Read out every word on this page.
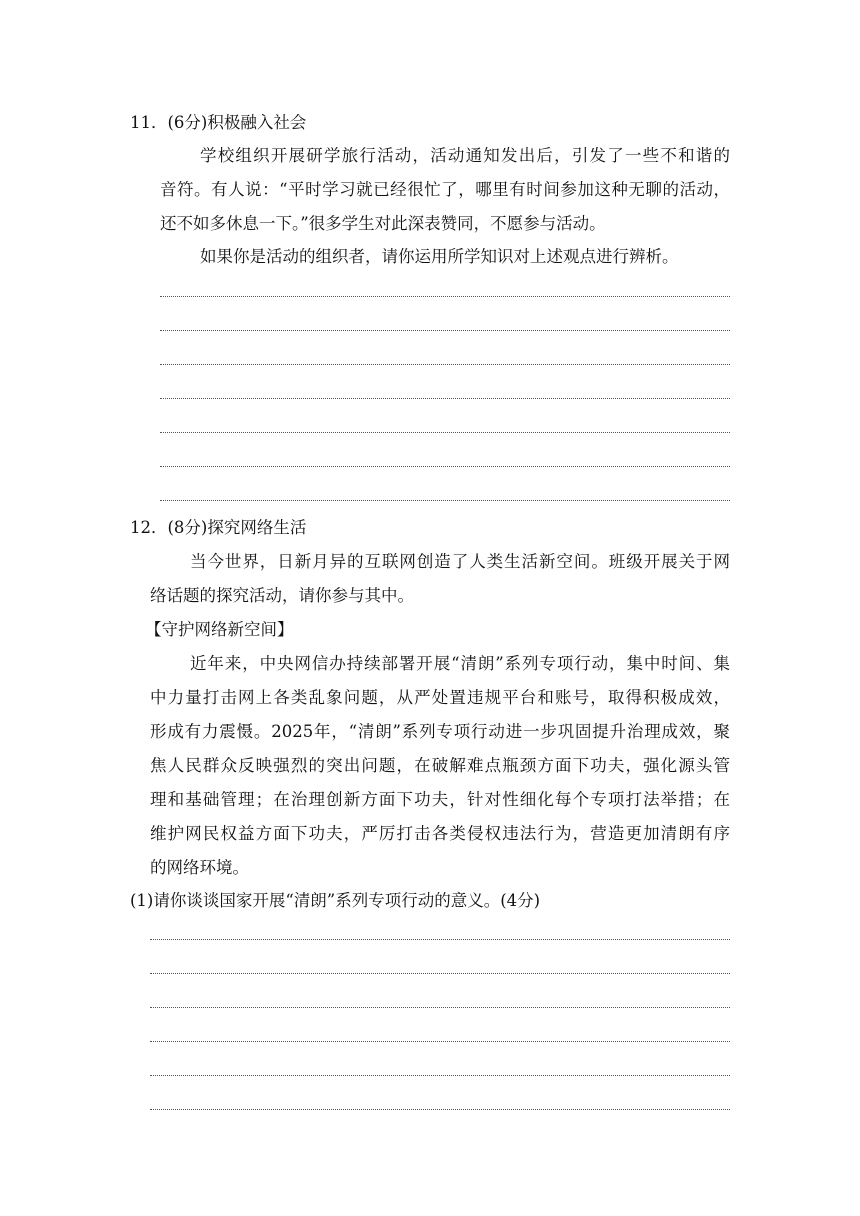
11．(6分)积极融入社会
学校组织开展研学旅行活动，活动通知发出后，引发了一些不和谐的
音符。有人说：“平时学习就已经很忙了，哪里有时间参加这种无聊的活动，
还不如多休息一下。”很多学生对此深表赞同，不愿参与活动。
如果你是活动的组织者，请你运用所学知识对上述观点进行辨析。
12．(8分)探究网络生活
当今世界，日新月异的互联网创造了人类生活新空间。班级开展关于网
络话题的探究活动，请你参与其中。
【守护网络新空间】
近年来，中央网信办持续部署开展“清朗”系列专项行动，集中时间、集
中力量打击网上各类乱象问题，从严处置违规平台和账号，取得积极成效，
形成有力震慑。2025年，“清朗”系列专项行动进一步巩固提升治理成效，聚
焦人民群众反映强烈的突出问题，在破解难点瓶颈方面下功夫，强化源头管
理和基础管理；在治理创新方面下功夫，针对性细化每个专项打法举措；在
维护网民权益方面下功夫，严厉打击各类侵权违法行为，营造更加清朗有序
的网络环境。
(1)请你谈谈国家开展“清朗”系列专项行动的意义。(4分)
